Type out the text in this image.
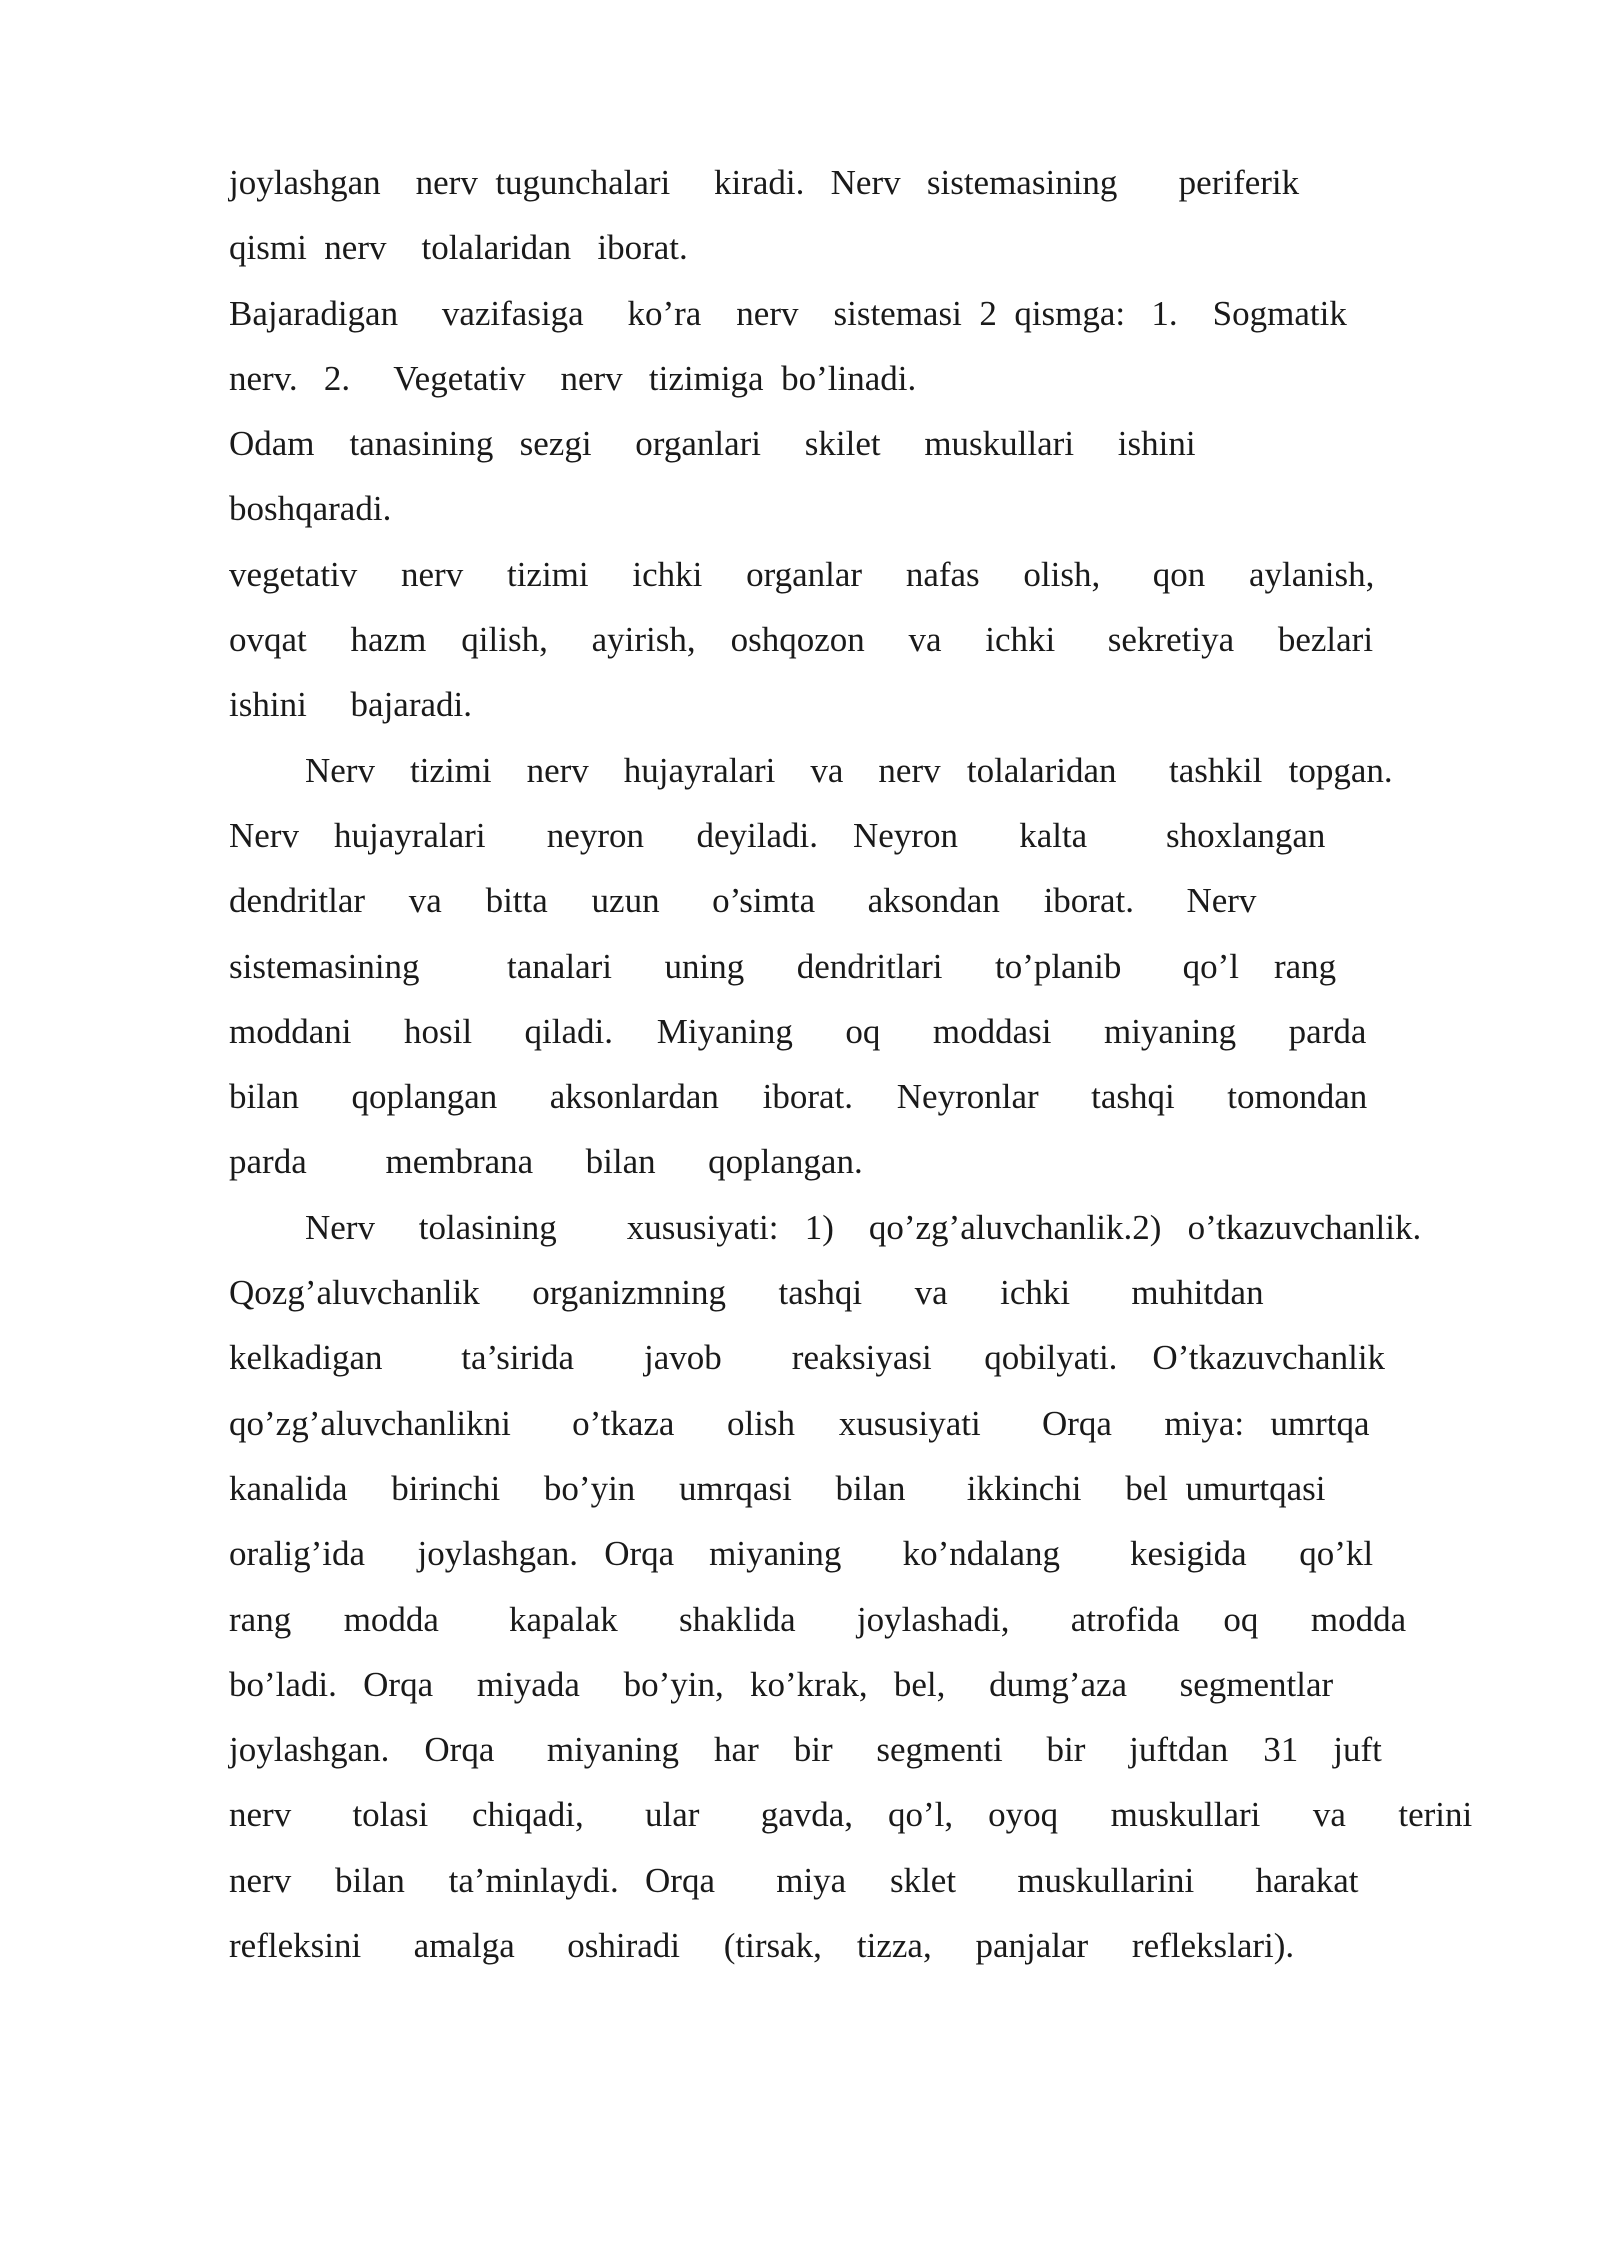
joylashgan    nerv  tugunchalari     kiradi.   Nerv   sistemasining       periferik
qismi  nerv    tolalaridan   iborat.
Bajaradigan     vazifasiga     ko’ra    nerv    sistemasi  2  qismga:   1.    Sogmatik
nerv.   2.     Vegetativ    nerv   tizimiga  bo’linadi.
Odam    tanasining   sezgi     organlari     skilet     muskullari     ishini
boshqaradi.
vegetativ     nerv     tizimi     ichki     organlar     nafas     olish,      qon     aylanish,
ovqat     hazm    qilish,     ayirish,    oshqozon     va     ichki      sekretiya     bezlari
ishini     bajaradi.
Nerv    tizimi    nerv    hujayralari    va    nerv   tolalaridan      tashkil   topgan.
Nerv    hujayralari       neyron      deyiladi.    Neyron       kalta         shoxlangan
dendritlar     va     bitta     uzun      o’simta      aksondan     iborat.      Nerv
sistemasining          tanalari      uning      dendritlari      to’planib       qo’l    rang
moddani      hosil      qiladi.     Miyaning      oq      moddasi      miyaning      parda
bilan      qoplangan      aksonlardan     iborat.     Neyronlar      tashqi      tomondan
parda         membrana      bilan      qoplangan.
Nerv     tolasining        xususiyati:   1)    qo’zg’aluvchanlik.2)   o’tkazuvchanlik.
Qozg’aluvchanlik      organizmning      tashqi      va      ichki       muhitdan
kelkadigan         ta’sirida        javob        reaksiyasi      qobilyati.    O’tkazuvchanlik
qo’zg’aluvchanlikni       o’tkaza      olish     xususiyati       Orqa      miya:   umrtqa
kanalida     birinchi     bo’yin     umrqasi     bilan       ikkinchi     bel  umurtqasi
oralig’ida      joylashgan.   Orqa    miyaning       ko’ndalang        kesigida      qo’kl
rang      modda        kapalak       shaklida       joylashadi,       atrofida     oq      modda
bo’ladi.   Orqa     miyada     bo’yin,   ko’krak,   bel,     dumg’aza      segmentlar
joylashgan.    Orqa      miyaning    har    bir     segmenti     bir     juftdan    31    juft
nerv       tolasi     chiqadi,       ular       gavda,    qo’l,    oyoq      muskullari      va      terini
nerv     bilan     ta’minlaydi.   Orqa       miya     sklet       muskullarini       harakat
refleksini      amalga      oshiradi     (tirsak,    tizza,     panjalar     reflekslari).
